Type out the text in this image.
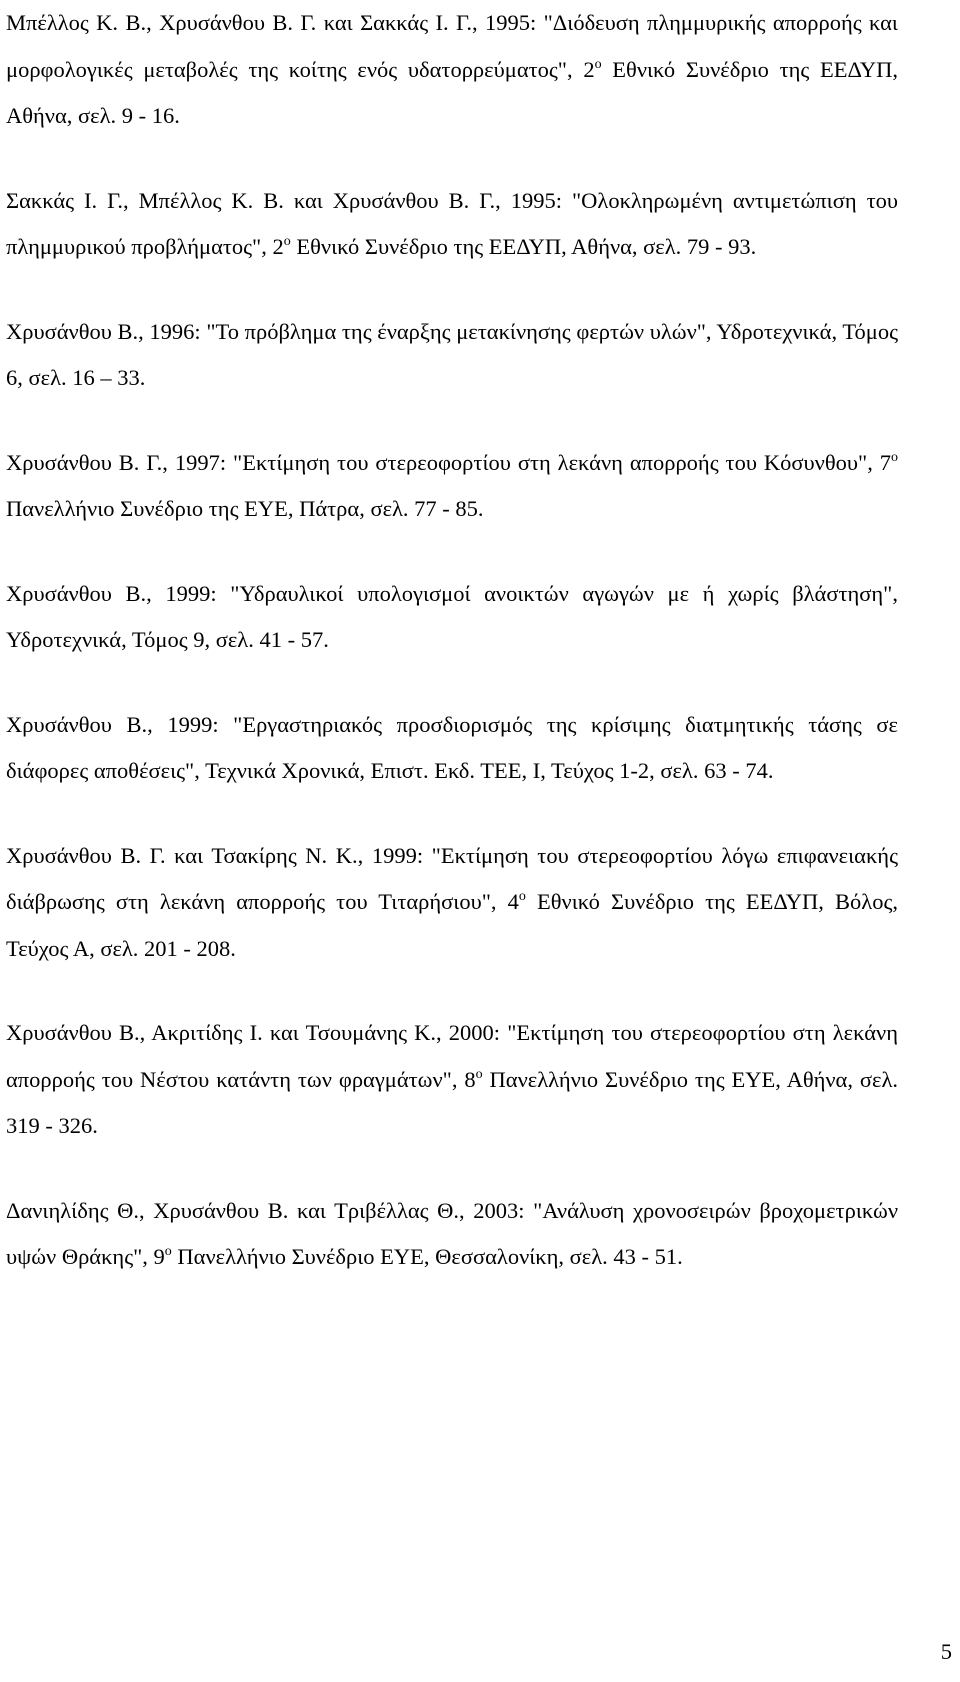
Μπέλλος Κ. Β., Χρυσάνθου Β. Γ. και Σακκάς Ι. Γ., 1995: "Διόδευση πλημμυρικής απορροής και μορφολογικές μεταβολές της κοίτης ενός υδατορρεύματος", $2^o$ Εθνικό Συνέδριο της ΕΕΔΥΠ, Αθήνα, σελ. 9 - 16.

Σακκάς Ι. Γ., Μπέλλος Κ. Β. και Χρυσάνθου Β. Γ., 1995: "Ολοκληρωμένη αντιμετώπιση του πλημμυρικού προβλήματος", $2^o$ Εθνικό Συνέδριο της ΕΕΔΥΠ, Αθήνα, σελ. 79 - 93.

Χρυσάνθου Β., 1996: "Το πρόβλημα της έναρξης μετακίνησης φερτών υλών", Υδροτεχνικά, Τόμος 6, σελ. 16 – 33.

Χρυσάνθου Β. Γ., 1997: "Εκτίμηση του στερεοφορτίου στη λεκάνη απορροής του Κόσυνθου", $7^o$ Πανελλήνιο Συνέδριο της ΕΥΕ, Πάτρα, σελ. 77 - 85.

Χρυσάνθου Β., 1999: "Υδραυλικοί υπολογισμοί ανοικτών αγωγών με ή χωρίς βλάστηση", Υδροτεχνικά, Τόμος 9, σελ. 41 - 57.

Χρυσάνθου Β., 1999: "Εργαστηριακός προσδιορισμός της κρίσιμης διατμητικής τάσης σε διάφορες αποθέσεις", Τεχνικά Χρονικά, Επιστ. Εκδ. ΤΕΕ, Ι, Τεύχος 1-2, σελ. 63 - 74.

Χρυσάνθου Β. Γ. και Τσακίρης Ν. Κ., 1999: "Εκτίμηση του στερεοφορτίου λόγω επιφανειακής διάβρωσης στη λεκάνη απορροής του Τιταρήσιου", $4^o$ Εθνικό Συνέδριο της ΕΕΔΥΠ, Βόλος, Τεύχος Α, σελ. 201 - 208.

Χρυσάνθου Β., Ακριτίδης Ι. και Τσουμάνης Κ., 2000: "Εκτίμηση του στερεοφορτίου στη λεκάνη απορροής του Νέστου κατάντη των φραγμάτων", $8^o$ Πανελλήνιο Συνέδριο της ΕΥΕ, Αθήνα, σελ. 319 - 326.

Δανιηλίδης Θ., Χρυσάνθου Β. και Τριβέλλας Θ., 2003: "Ανάλυση χρονοσειρών βροχομετρικών υψών Θράκης", $9^o$ Πανελλήνιο Συνέδριο ΕΥΕ, Θεσσαλονίκη, σελ. 43 - 51.

5
